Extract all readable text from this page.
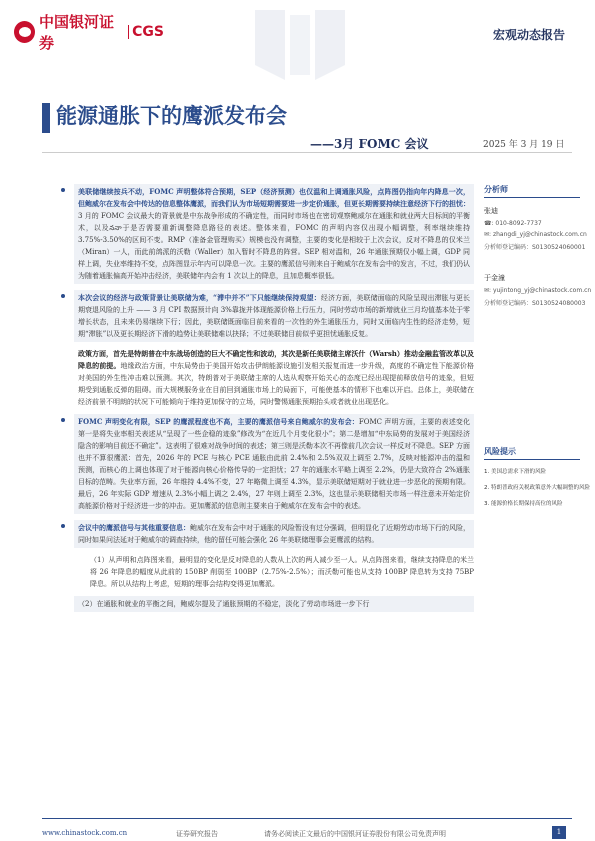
中国银河证券
CGS	宏观动态报告
能源通胀下的鹰派发布会
——3月 FOMC 会议	2025 年 3 月 19 日
美联储继续按兵不动，FOMC 声明整体符合预期，SEP（经济预测）也仅温和上调通胀风险，点阵图仍指向年内降息一次，但鲍威尔在发布会中传达的信息整体鹰派，而我们认为市场短期需要进一步定价通胀，但更长期需要持续注意经济下行的担忧：3 月的 FOMC 会议最大的背景就是中东战争形成的不确定性，而同时市场也在密切观察鲍威尔在通胀和就业两大目标间的平衡术，以及ననా于是否需要重新调整降息路径的表述。整体来看，FOMC 的声明内容仅出现小幅调整，利率继续维持 3.75%-3.50%的区间不变。RMP（准备金管理购买）规模也没有调整，主要的变化是相较于上次会议，反对不降息的仅米兰（Miran）一人，而此前鸽派的沃勒（Waller）加入暂时不降息的阵营。SEP 相对温和，26 年通胀预期仅小幅上调，GDP 同样上调，失业率维持不变，点阵图显示年内可以降息一次。主要的鹰派信号则来自于鲍威尔在发布会中的发言，不过，我们仍认为随着通胀偏高开始冲击经济，美联储年内会有 1 次以上的降息，且加息概率很低。
本次会议的经济与政策背景让美联储为难，“滞中并不”下只能继续保持观望：经济方面，美联储面临的风险呈现出滞胀与更长期衰退风险的上升 —— 3 月 CPI 数据预计向 3%靠拢并体现能源价格上行压力，同时劳动市场的新增就业三月均值基本处于零增长状态，且未来仍易继续下行；因此，美联储既面临目前来看的一次性的外生通胀压力，同时又面临内生性的经济走势，短期“滞胀”以及更长期经济下滑的趋势让美联储难以抉择；不过美联储目前似乎更担忧通胀反复。
政策方面，首先是特朗普在中东战场创造的巨大不确定性和波动，其次是新任美联储主席沃什（Warsh）推动金融监管改革以及降息的前提。地缘政治方面，中东局势由于美国开始攻击伊朗能源设施引发相关报复而进一步升级，高度的不确定性下能源价格对美国的外生性冲击难以预测。其次，特朗普对于美联储主席的人选从观察开始关心的态度已经出现提前释放信号的迹象，但短期受到通胀反弹的阻碍。而大规模服务业在目前回到通胀市场上的局面下，可能使基本的情形下也难以开启。总体上，美联储在经济前景不明朗的状况下可能倾向于维持更加保守的立场，同时警惕通胀预期抬头或者就业出现恶化。
FOMC 声明变化有限，SEP 的鹰派程度也不高，主要的鹰派信号来自鲍威尔的发布会：FOMC 声明方面，主要的表述变化第一是将失业率相关表述从“呈现了一些企稳的迹象”修改为“在近几个月变化很小”；第二是增加“中东局势的发展对于美国经济隐含的影响目前还不确定”。这表明了很难对战争时间的表述；第三则是沃勒本次不再像前几次会议一样反对不降息。SEP 方面也并不算很鹰派：首先，2026 年的 PCE 与核心 PCE 通胀由此前 2.4%和 2.5%双双上调至 2.7%，反映对能源冲击的温和预测，而核心的上调也体现了对于能源向核心价格传导的一定担忧；27 年的通胀水平略上调至 2.2%，仍是大致符合 2%通胀目标的范畴。失业率方面，26 年维持 4.4%不变，27 年略微上调至 4.3%，显示美联储短期对于就业进一步恶化的预期有限。最后，26 年实际 GDP 增速从 2.3%小幅上调之 2.4%，27 年则上调至 2.3%，这也显示美联储相关市场一样注意未开始定价高能源价格对于经济进一步的冲击。更加鹰派的信息则主要来自于鲍威尔在发布会中的表述。
会议中的鹰派信号与其他重要信息：鲍威尔在发布会中对于通胀的风险暂没有过分强调，但明显化了近期劳动市场下行的风险，同时如果问法延对于鲍威尔的调查持续，他的留任可能会强化 26 年美联储理事会更鹰派的结构。
（1）从声明和点阵图来看，最明显的变化是反对降息的人数从上次的两人减少至一人。从点阵图来看，继续支持降息的米兰将 26 年降息的幅度从此前的 150BP 削弱至 100BP（2.75%-2.5%）；而沃勒可能也从支持 100BP 降息转为支持 75BP 降息。所以从结构上考虑，短期的理事会结构变得更加鹰派。
（2）在通胀和就业的平衡之间，鲍威尔提及了通胀预期的不稳定，淡化了劳动市场进一步下行
分析师
张迪
☎: 010-8092-7737
✉: zhangdi_yj@chinastock.com.cn
分析师登记编码：S0130524060001
于金潼
✉: yujintong_yj@chinastock.com.cn
分析师登记编码：S0130524080003
风险提示
1. 美国总需求下滑的风险
2. 特朗普政府关税政策意外大幅调整的风险
3. 能源价格长期保持高位的风险
www.chinastock.com.cn	证券研究报告	请务必阅读正文最后的中国银河证券股份有限公司免责声明	1
